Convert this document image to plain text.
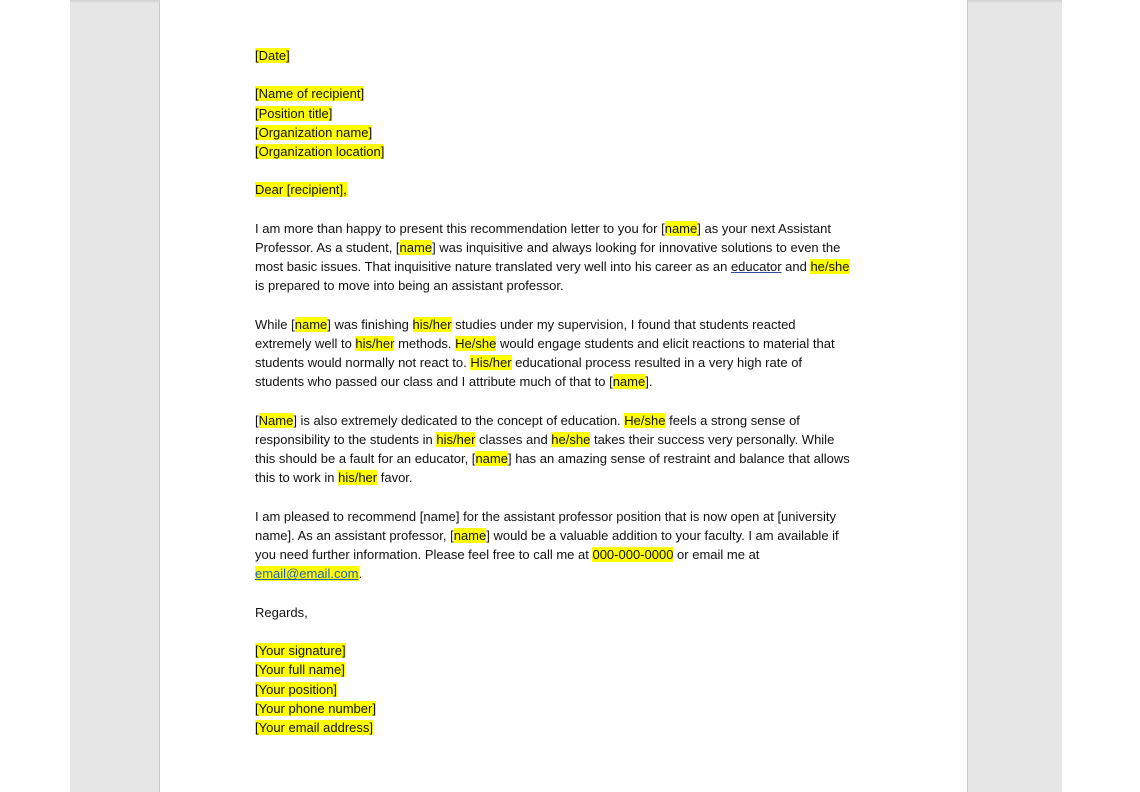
[Date]

[Name of recipient]
[Position title]
[Organization name]
[Organization location]

Dear [recipient],

I am more than happy to present this recommendation letter to you for [name] as your next Assistant
Professor. As a student, [name] was inquisitive and always looking for innovative solutions to even the
most basic issues. That inquisitive nature translated very well into his career as an educator and he/she
is prepared to move into being an assistant professor.

While [name] was finishing his/her studies under my supervision, I found that students reacted
extremely well to his/her methods. He/she would engage students and elicit reactions to material that
students would normally not react to. His/her educational process resulted in a very high rate of
students who passed our class and I attribute much of that to [name].

[Name] is also extremely dedicated to the concept of education. He/she feels a strong sense of
responsibility to the students in his/her classes and he/she takes their success very personally. While
this should be a fault for an educator, [name] has an amazing sense of restraint and balance that allows
this to work in his/her favor.

I am pleased to recommend [name] for the assistant professor position that is now open at [university
name]. As an assistant professor, [name] would be a valuable addition to your faculty. I am available if
you need further information. Please feel free to call me at 000-000-0000 or email me at
email@email.com.

Regards,

[Your signature]
[Your full name]
[Your position]
[Your phone number]
[Your email address]
